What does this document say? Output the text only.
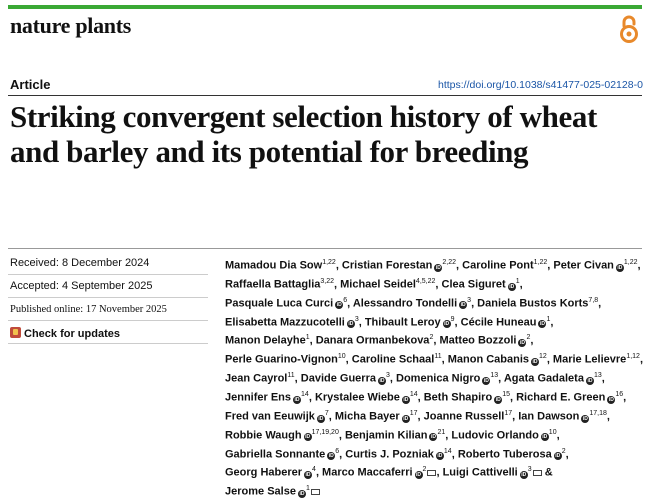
nature plants
Article	https://doi.org/10.1038/s41477-025-02128-0
Striking convergent selection history of wheat and barley and its potential for breeding
Received: 8 December 2024
Accepted: 4 September 2025
Published online: 17 November 2025
Check for updates
Mamadou Dia Sow$^{1,22}$, Cristian Forestan iD$^{2,22}$, Caroline Pont$^{1,22}$, Peter Civan iD$^{1,22}$,
Raffaella Battaglia$^{3,22}$, Michael Seidel$^{4,5,22}$, Clea Siguret $iD^1$,
Pasquale Luca Curci $iD^6$, Alessandro Tondelli $iD^3$, Daniela Bustos Korts$^{7,8}$,
Elisabetta Mazzucotelli $iD^3$, Thibault Leroy $iD^9$, Cécile Huneau $iD^1$,
Manon Delayhe$^1$, Danara Ormanbekova$^2$, Matteo Bozzoli $iD^2$,
Perle Guarino-Vignon$^{10}$, Caroline Schaal$^{11}$, Manon Cabanis $iD^{12}$, Marie Lelievre$^{1,12}$,
Jean Cayrol$^{11}$, Davide Guerra $iD^3$, Domenica Nigro $iD^{13}$, Agata Gadaleta $iD^{13}$,
Jennifer Ens $iD^{14}$, Krystalee Wiebe $iD^{14}$, Beth Shapiro $iD^{15}$, Richard E. Green $iD^{16}$,
Fred van Eeuwijk $iD^7$, Micha Bayer $iD^{17}$, Joanne Russell$^{17}$, Ian Dawson iD$^{17,18}$,
Robbie Waugh iD$^{17,19,20}$, Benjamin Kilian $iD^{21}$, Ludovic Orlando $iD^{10}$,
Gabriella Sonnante $iD^6$, Curtis J. Pozniak $iD^{14}$, Roberto Tuberosa $iD^2$,
Georg Haberer $iD^4$, Marco Maccaferri $iD^2$ , Luigi Cattivelli $iD^3$ &
Jerome Salse $iD^1$
